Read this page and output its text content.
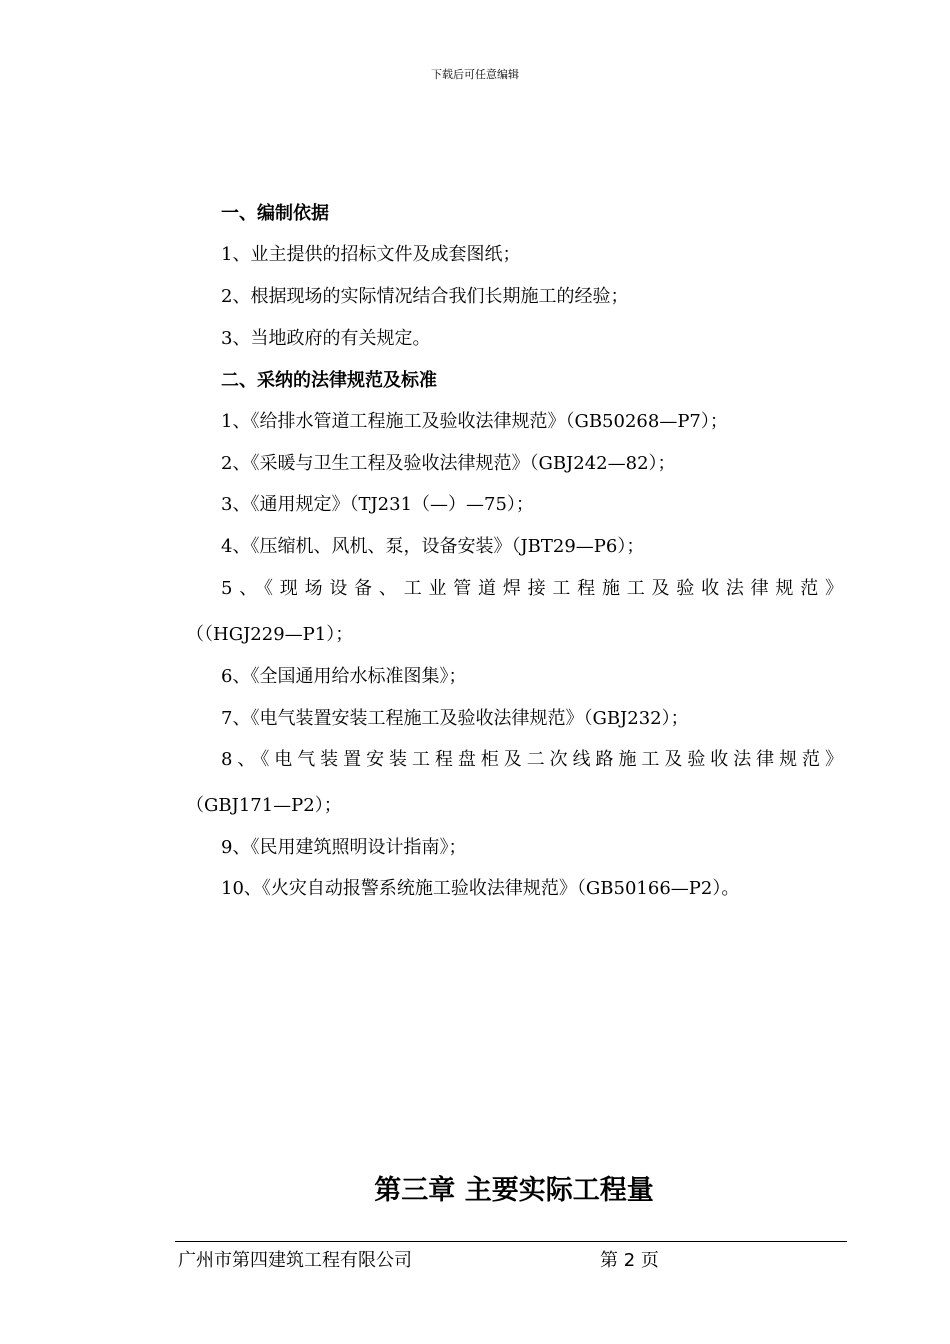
下载后可任意编辑
一、编制依据
1、业主提供的招标文件及成套图纸；
2、根据现场的实际情况结合我们长期施工的经验；
3、当地政府的有关规定。
二、采纳的法律规范及标准
1、《给排水管道工程施工及验收法律规范》（GB50268—P7）；
2、《采暖与卫生工程及验收法律规范》（GBJ242—82）；
3、《通用规定》（TJ231（—）—75）；
4、《压缩机、风机、泵，设备安装》（JBT29—P6）；
5、《现场设备、工业管道焊接工程施工及验收法律规范》
（（HGJ229—P1）；
6、《全国通用给水标准图集》；
7、《电气装置安装工程施工及验收法律规范》（GBJ232）；
8、《电气装置安装工程盘柜及二次线路施工及验收法律规范》
（GBJ171—P2）；
9、《民用建筑照明设计指南》；
10、《火灾自动报警系统施工验收法律规范》（GB50166—P2）。
第三章 主要实际工程量
广州市第四建筑工程有限公司	第 2 页
